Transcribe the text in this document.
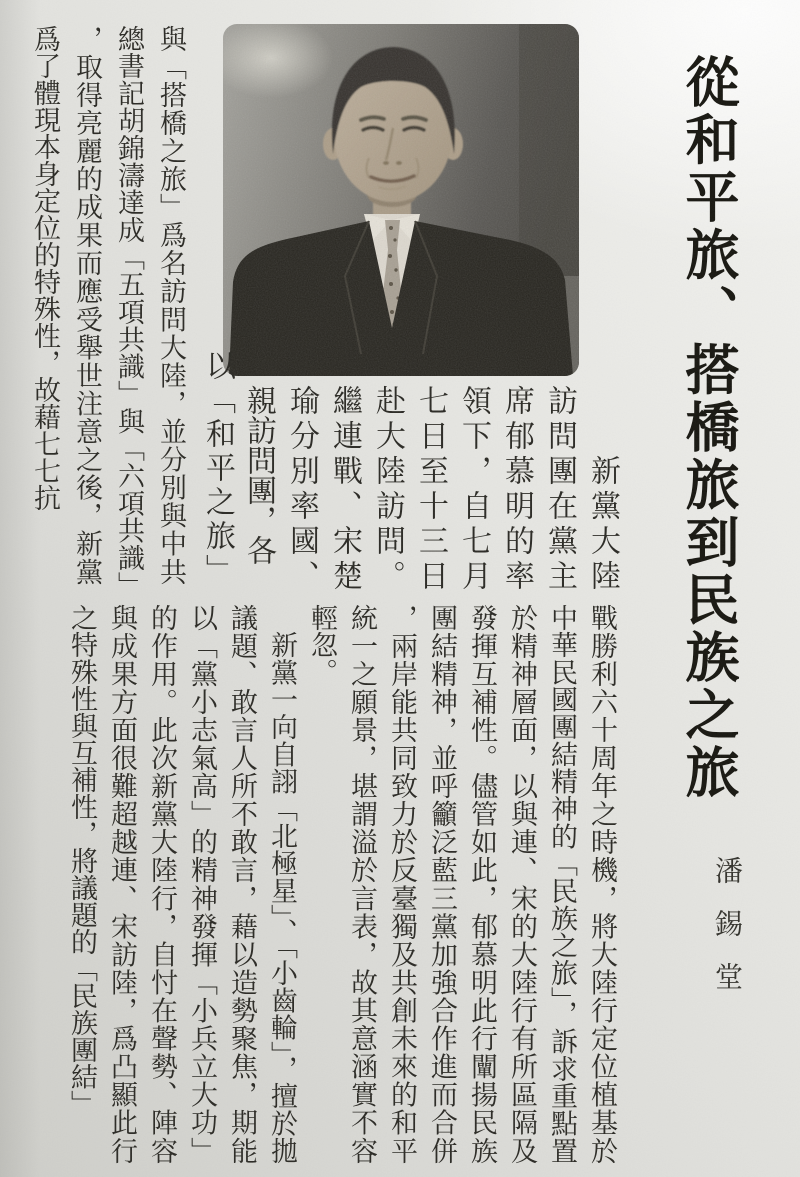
從和平旅、搭橋旅到民族之旅
潘錫堂
　　新黨大陸訪問團在黨主席郁慕明的率領下，自七月七日至十三日赴大陸訪問。繼連戰、宋楚瑜分別率國、親訪問團，各
以「和平之旅」
與「搭橋之旅」爲名訪問大陸，並分別與中共總書記胡錦濤達成「五項共識」與「六項共識」，取得亮麗的成果而應受舉世注意之後，新黨爲了體現本身定位的特殊性，故藉七七抗

戰勝利六十周年之時機，將大陸行定位植基於中華民國團結精神的「民族之旅」，訴求重點置於精神層面，以與連、宋的大陸行有所區隔及發揮互補性。儘管如此，郁慕明此行闡揚民族團結精神，並呼籲泛藍三黨加強合作進而合併，兩岸能共同致力於反臺獨及共創未來的和平統一之願景，堪謂溢於言表，故其意涵實不容輕忽。

　新黨一向自詡「北極星」、「小齒輪」，擅於拋議題、敢言人所不敢言，藉以造勢聚焦，期能以「黨小志氣高」的精神發揮「小兵立大功」的作用。此次新黨大陸行，自忖在聲勢、陣容與成果方面很難超越連、宋訪陸，爲凸顯此行之特殊性與互補性，將議題的「民族團結」
